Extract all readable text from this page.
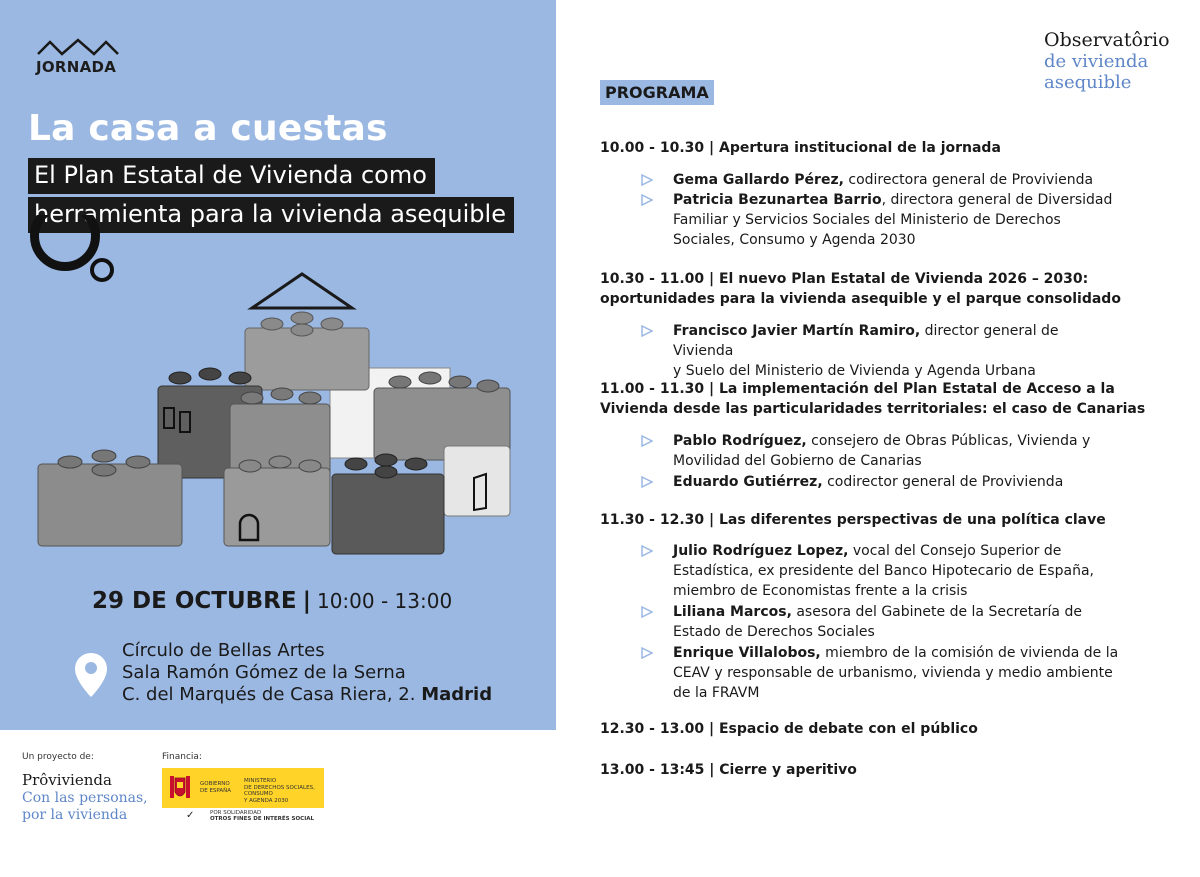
JORNADA
La casa a cuestas
El Plan Estatal de Vivienda como
herramienta para la vivienda asequible
29 DE OCTUBRE | 10:00 - 13:00
Círculo de Bellas Artes
Sala Ramón Gómez de la Serna
C. del Marqués de Casa Riera, 2. Madrid
Un proyecto de:
Prôvivienda
Con las personas,
por la vivienda
Financia:
GOBIERNO
DE ESPAÑA
MINISTERIO
DE DERECHOS SOCIALES, CONSUMO
Y AGENDA 2030
✓	POR SOLIDARIDAD
OTROS FINES DE INTERÉS SOCIAL
Observatôrio
de vivienda
asequible
PROGRAMA
10.00 - 10.30 | Apertura institucional de la jornada
Gema Gallardo Pérez, codirectora general de Provivienda
Patricia Bezunartea Barrio, directora general de Diversidad
Familiar y Servicios Sociales del Ministerio de Derechos
Sociales, Consumo y Agenda 2030
10.30 - 11.00 | El nuevo Plan Estatal de Vivienda 2026 – 2030:
oportunidades para la vivienda asequible y el parque consolidado
Francisco Javier Martín Ramiro, director general de Vivienda
y Suelo del Ministerio de Vivienda y Agenda Urbana
11.00 - 11.30 | La implementación del Plan Estatal de Acceso a la
Vivienda desde las particularidades territoriales: el caso de Canarias
Pablo Rodríguez, consejero de Obras Públicas, Vivienda y
Movilidad del Gobierno de Canarias
Eduardo Gutiérrez, codirector general de Provivienda
11.30 - 12.30 | Las diferentes perspectivas de una política clave
Julio Rodríguez Lopez, vocal del Consejo Superior de
Estadística, ex presidente del Banco Hipotecario de España,
miembro de Economistas frente a la crisis
Liliana Marcos, asesora del Gabinete de la Secretaría de
Estado de Derechos Sociales
Enrique Villalobos, miembro de la comisión de vivienda de la
CEAV y responsable de urbanismo, vivienda y medio ambiente
de la FRAVM
12.30 - 13.00 | Espacio de debate con el público
13.00 - 13:45 | Cierre y aperitivo
